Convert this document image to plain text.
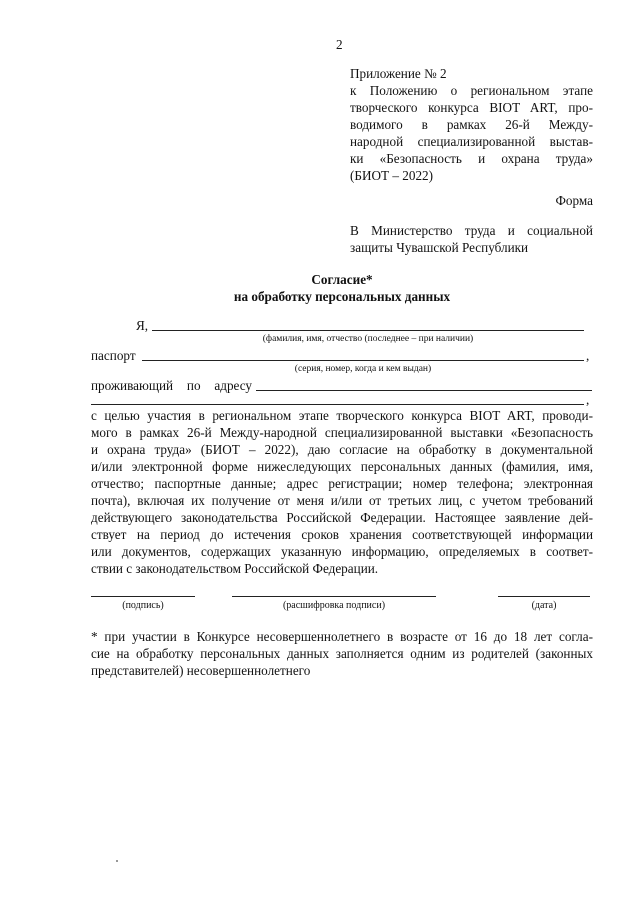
2
Приложение № 2
к Положению о региональном этапе
творческого конкурса BIOT ART, про-
водимого в рамках 26-й Между-
народной специализированной выстав-
ки «Безопасность и охрана труда»
(БИОТ – 2022)
Форма
В Министерство труда и социальной
защиты Чувашской Республики
Согласие*
на обработку персональных данных
Я,
(фамилия, имя, отчество (последнее – при наличии)
паспорт	,
(серия, номер, когда и кем выдан)
проживающий по адресу
,
с целью участия в региональном этапе творческого конкурса BIOT ART, проводи-
мого в рамках 26-й Между-народной специализированной выставки «Безопасность
и охрана труда» (БИОТ – 2022), даю согласие на обработку в документальной
и/или электронной форме нижеследующих персональных данных (фамилия, имя,
отчество; паспортные данные; адрес регистрации; номер телефона; электронная
почта), включая их получение от меня и/или от третьих лиц, с учетом требований
действующего законодательства Российской Федерации. Настоящее заявление дей-
ствует на период до истечения сроков хранения соответствующей информации
или документов, содержащих указанную информацию, определяемых в соответ-
ствии с законодательством Российской Федерации.
(подпись)	(расшифровка подписи)	(дата)
* при участии в Конкурсе несовершеннолетнего в возрасте от 16 до 18 лет согла-
сие на обработку персональных данных заполняется одним из родителей (законных
представителей) несовершеннолетнего
